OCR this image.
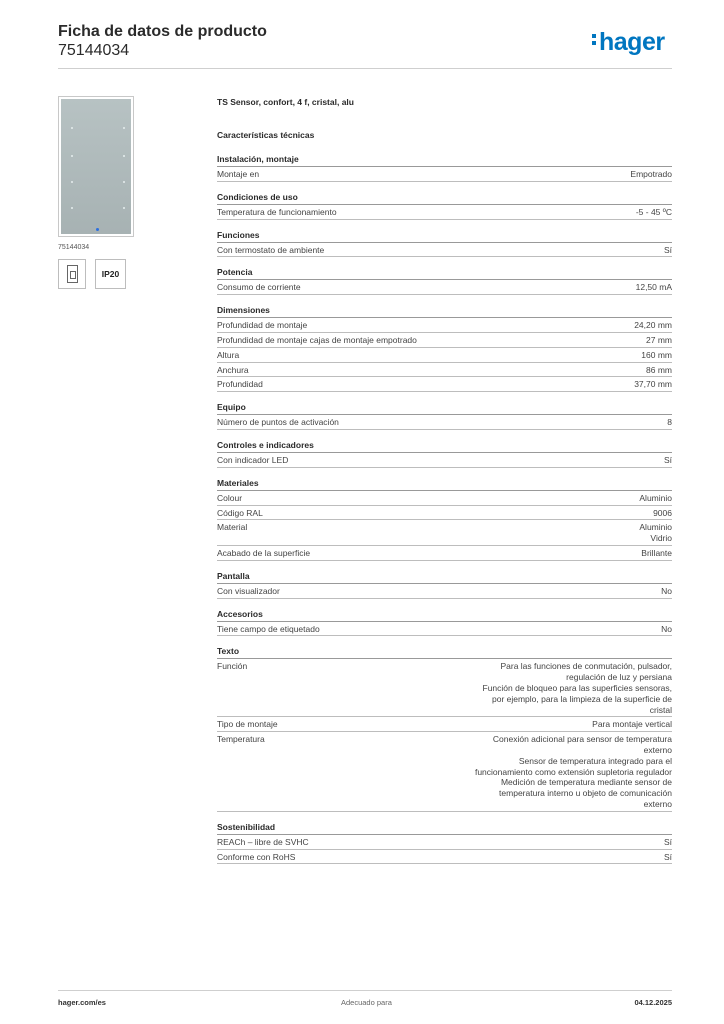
Ficha de datos de producto
75144034	hager
75144034
IP20
TS Sensor, confort, 4 f, cristal, alu
Características técnicas
Instalación, montaje
Montaje en	Empotrado
Condiciones de uso
Temperatura de funcionamiento	-5 - 45 ºC
Funciones
Con termostato de ambiente	Sí
Potencia
Consumo de corriente	12,50 mA
Dimensiones
Profundidad de montaje	24,20 mm
Profundidad de montaje cajas de montaje empotrado	27 mm
Altura	160 mm
Anchura	86 mm
Profundidad	37,70 mm
Equipo
Número de puntos de activación	8
Controles e indicadores
Con indicador LED	Sí
Materiales
Colour	Aluminio
Código RAL	9006
Material	Aluminio
Vidrio
Acabado de la superficie	Brillante
Pantalla
Con visualizador	No
Accesorios
Tiene campo de etiquetado	No
Texto
Función	Para las funciones de conmutación, pulsador,
regulación de luz y persiana
Función de bloqueo para las superficies sensoras,
por ejemplo, para la limpieza de la superficie de
cristal
Tipo de montaje	Para montaje vertical
Temperatura	Conexión adicional para sensor de temperatura
externo
Sensor de temperatura integrado para el
funcionamiento como extensión supletoria regulador
Medición de temperatura mediante sensor de
temperatura interno u objeto de comunicación
externo
Sostenibilidad
REACh – libre de SVHC	Sí
Conforme con RoHS	Sí
hager.com/es	Adecuado para	04.12.2025
